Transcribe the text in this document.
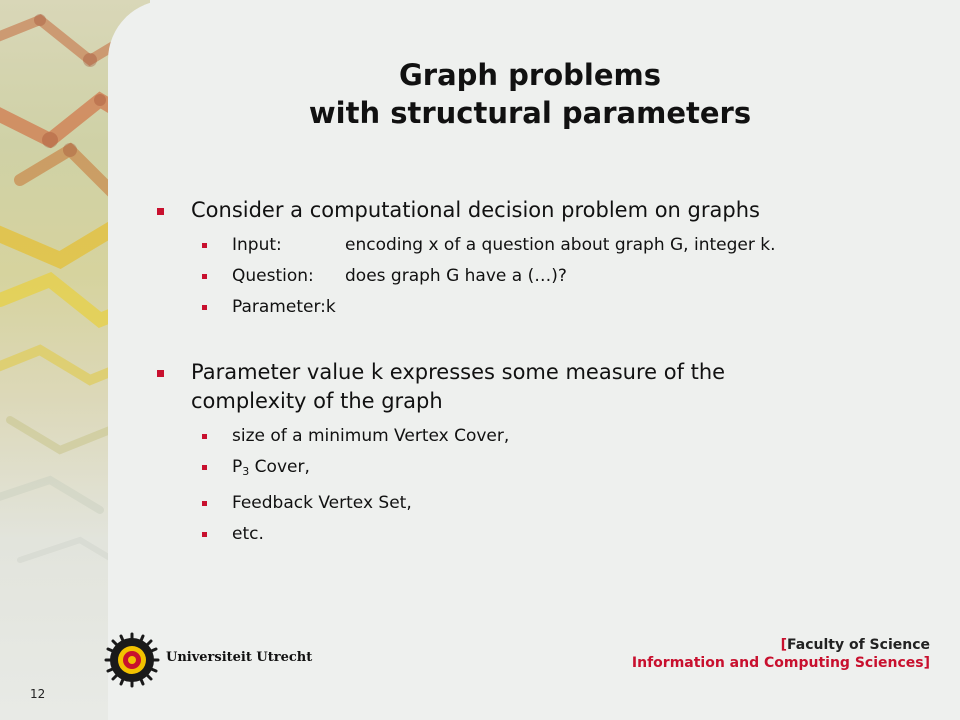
Graph problems
with structural parameters
Consider a computational decision problem on graphs
Input:	encoding x of a question about graph G, integer k.
Question: does graph G have a (…)?
Parameter:k
Parameter value k expresses some measure of the
complexity of the graph
size of a minimum Vertex Cover,
$P_3$ Cover,
Feedback Vertex Set,
etc.
Universiteit Utrecht
[Faculty of Science
Information and Computing Sciences]
12
